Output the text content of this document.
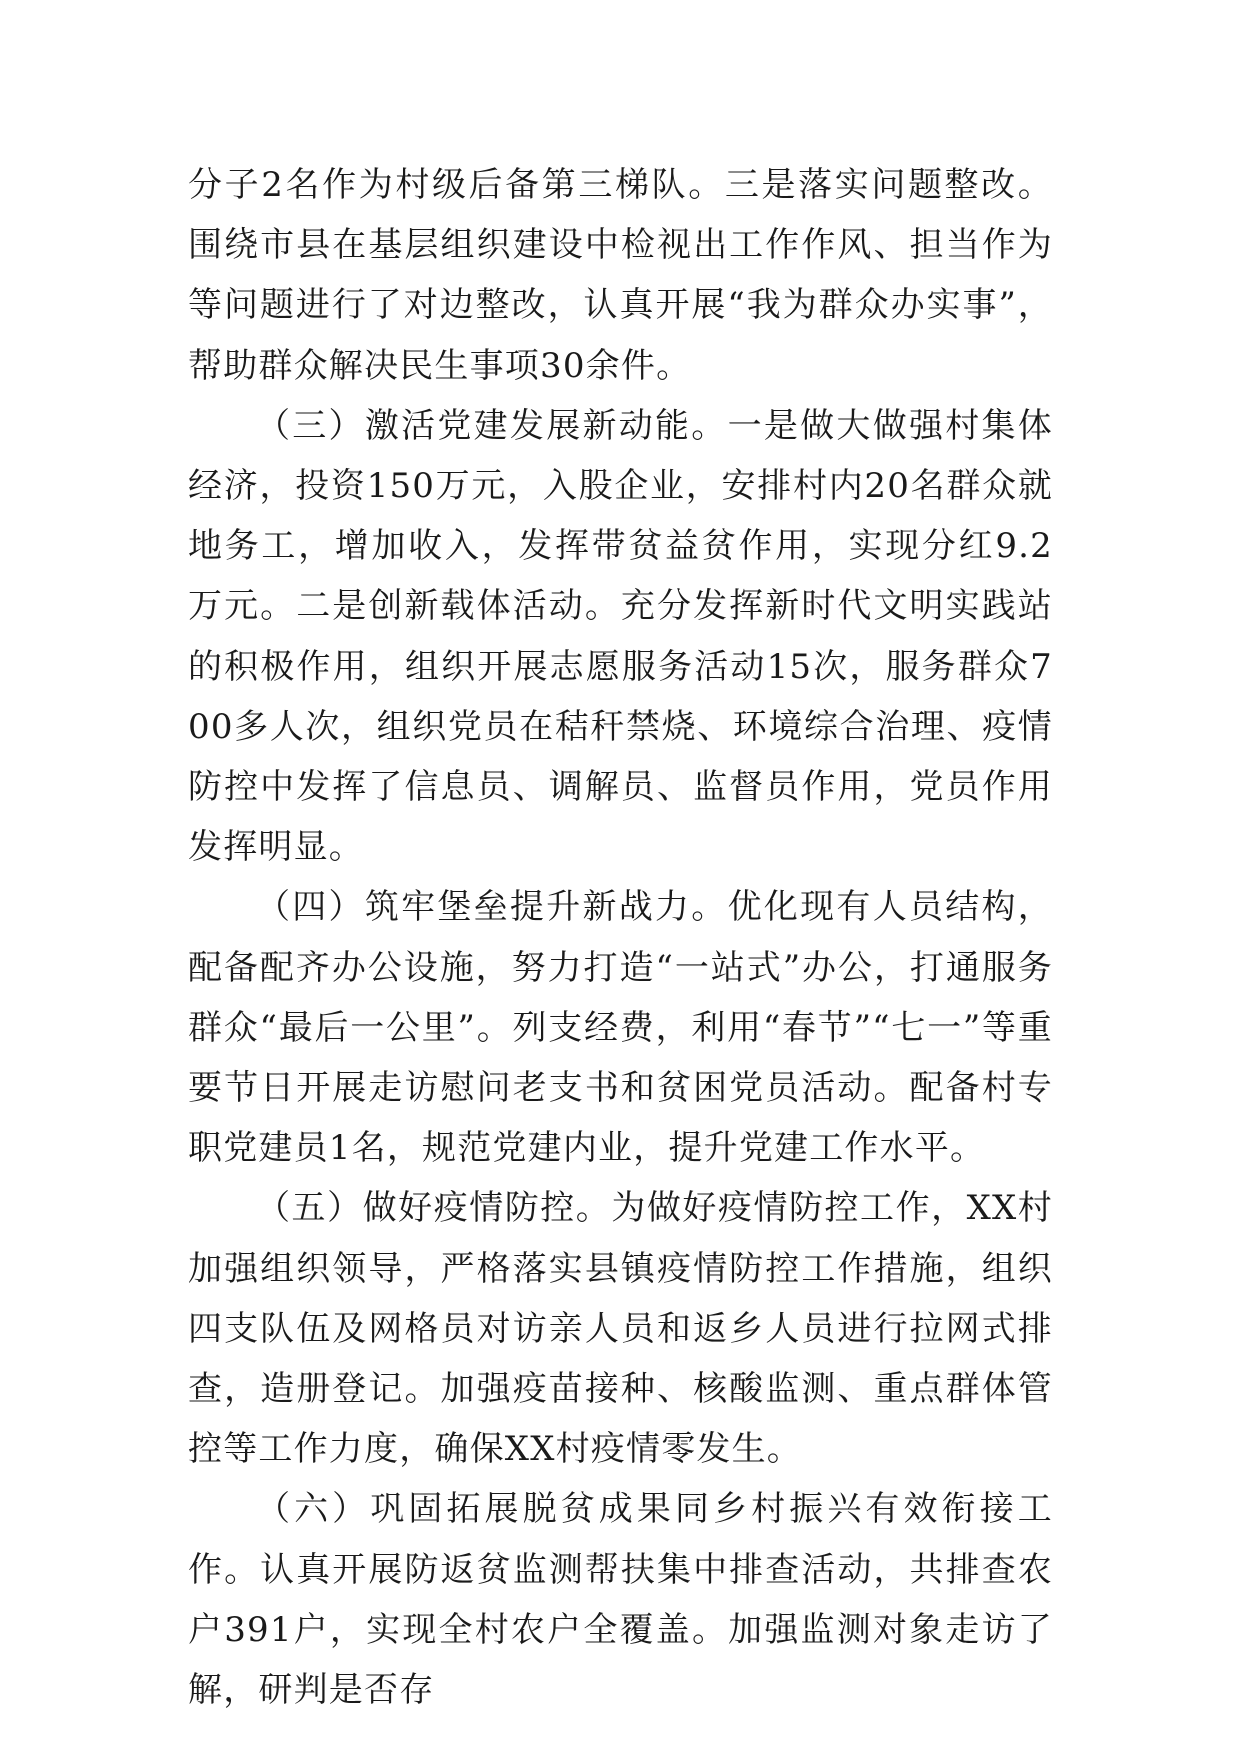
分子2名作为村级后备第三梯队。三是落实问题整改。围绕市县在基层组织建设中检视出工作作风、担当作为等问题进行了对边整改，认真开展“我为群众办实事”，帮助群众解决民生事项30余件。

（三）激活党建发展新动能。一是做大做强村集体经济，投资150万元，入股企业，安排村内20名群众就地务工，增加收入，发挥带贫益贫作用，实现分红9.2万元。二是创新载体活动。充分发挥新时代文明实践站的积极作用，组织开展志愿服务活动15次，服务群众700多人次，组织党员在秸秆禁烧、环境综合治理、疫情防控中发挥了信息员、调解员、监督员作用，党员作用发挥明显。

（四）筑牢堡垒提升新战力。优化现有人员结构，配备配齐办公设施，努力打造“一站式”办公，打通服务群众“最后一公里”。列支经费，利用“春节”“七一”等重要节日开展走访慰问老支书和贫困党员活动。配备村专职党建员1名，规范党建内业，提升党建工作水平。

（五）做好疫情防控。为做好疫情防控工作，XX村加强组织领导，严格落实县镇疫情防控工作措施，组织四支队伍及网格员对访亲人员和返乡人员进行拉网式排查，造册登记。加强疫苗接种、核酸监测、重点群体管控等工作力度，确保XX村疫情零发生。

（六）巩固拓展脱贫成果同乡村振兴有效衔接工作。认真开展防返贫监测帮扶集中排查活动，共排查农户391户，实现全村农户全覆盖。加强监测对象走访了解，研判是否存
